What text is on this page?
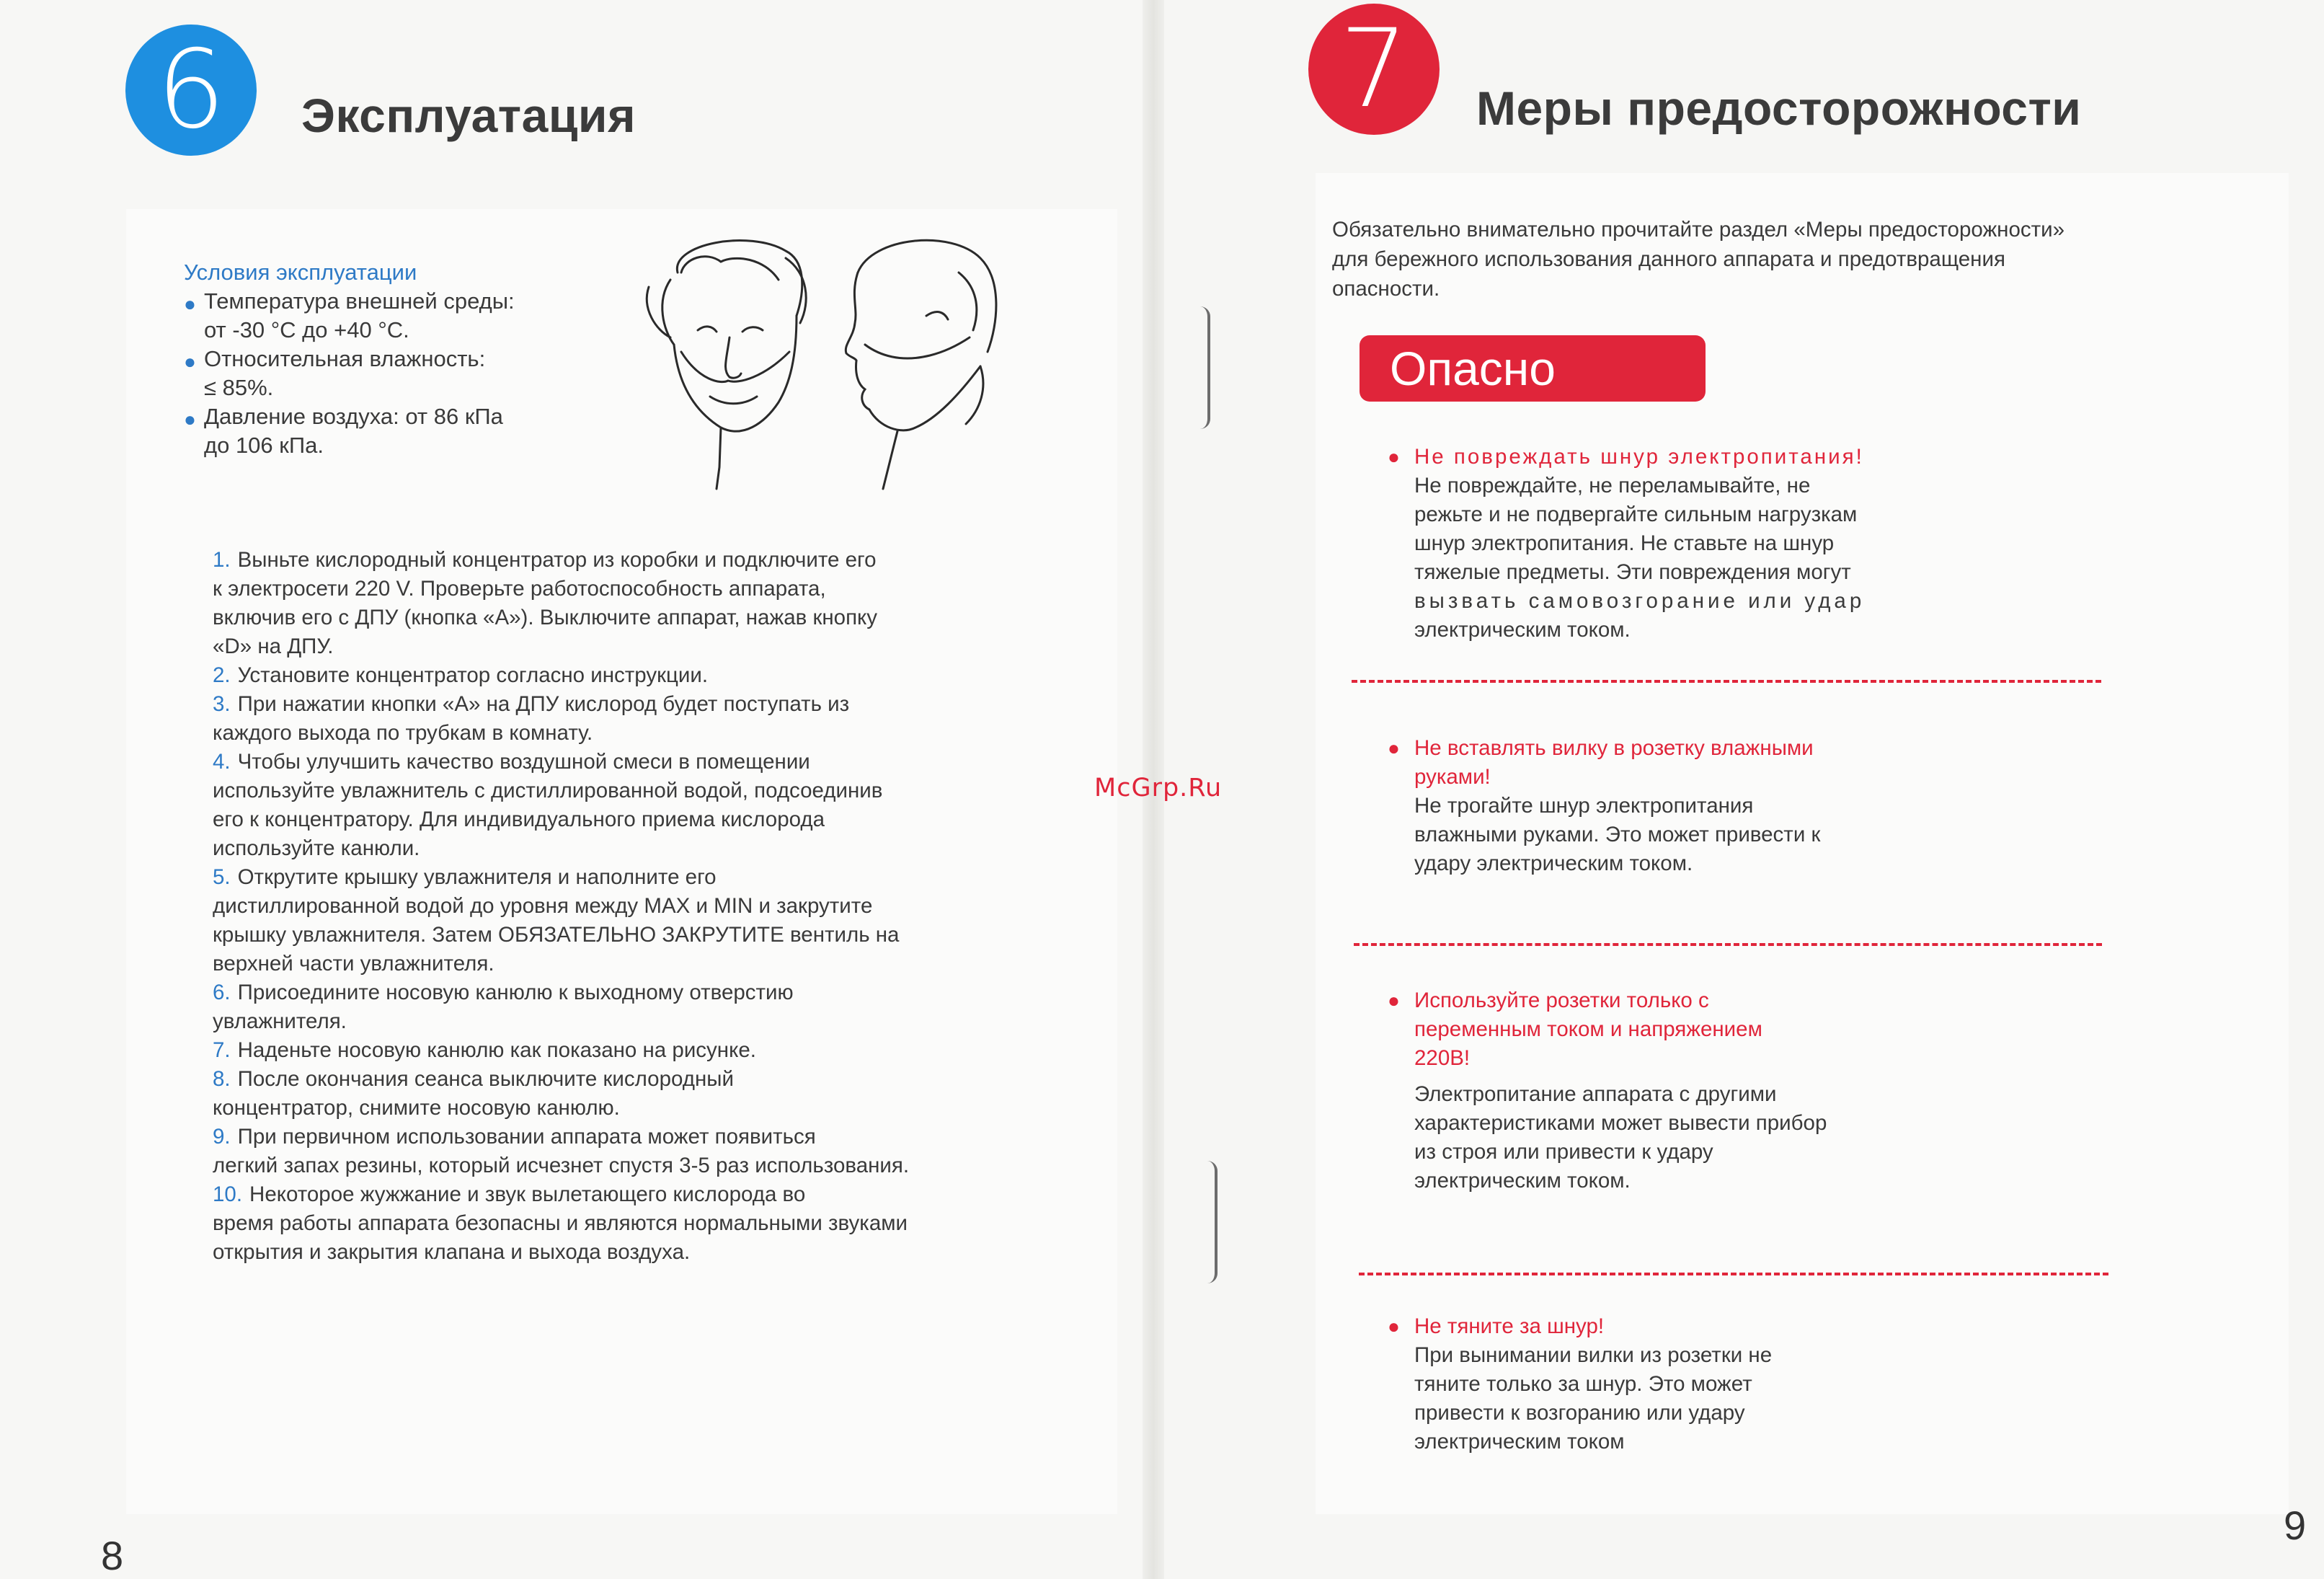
6 Эксплуатация
Условия эксплуатации
● Температура внешней среды:
от -30 °C до +40 °C.
● Относительная влажность:
≤ 85%.
● Давление воздуха: от 86 кПа
до 106 кПа.
1. Выньте кислородный концентратор из коробки и подключите его
к электросети 220 V. Проверьте работоспособность аппарата,
включив его с ДПУ (кнопка «А»). Выключите аппарат, нажав кнопку
«D» на ДПУ.
2. Установите концентратор согласно инструкции.
3. При нажатии кнопки «А» на ДПУ кислород будет поступать из
каждого выхода по трубкам в комнату.
4. Чтобы улучшить качество воздушной смеси в помещении
используйте увлажнитель с дистиллированной водой, подсоединив
его к концентратору. Для индивидуального приема кислорода
используйте канюли.
5. Открутите крышку увлажнителя и наполните его
дистиллированной водой до уровня между MAX и MIN и закрутите
крышку увлажнителя. Затем ОБЯЗАТЕЛЬНО ЗАКРУТИТЕ вентиль на
верхней части увлажнителя.
6. Присоедините носовую канюлю к выходному отверстию
увлажнителя.
7. Наденьте носовую канюлю как показано на рисунке.
8. После окончания сеанса выключите кислородный
концентратор, снимите носовую канюлю.
9. При первичном использовании аппарата может появиться
легкий запах резины, который исчезнет спустя 3-5 раз использования.
10. Некоторое жужжание и звук вылетающего кислорода во
время работы аппарата безопасны и являются нормальными звуками
открытия и закрытия клапана и выхода воздуха.
8
McGrp.Ru
7 Меры предосторожности
Обязательно внимательно прочитайте раздел «Меры предосторожности»
для бережного использования данного аппарата и предотвращения
опасности.
Опасно
● Не повреждать шнур электропитания!
Не повреждайте, не переламывайте, не
режьте и не подвергайте сильным нагрузкам
шнур электропитания. Не ставьте на шнур
тяжелые предметы. Эти повреждения могут
вызвать самовозгорание или удар
электрическим током.
● Не вставлять вилку в розетку влажными
руками!
Не трогайте шнур электропитания
влажными руками. Это может привести к
удару электрическим током.
● Используйте розетки только с
переменным током и напряжением
220В!
Электропитание аппарата с другими
характеристиками может вывести прибор
из строя или привести к удару
электрическим током.
● Не тяните за шнур!
При вынимании вилки из розетки не
тяните только за шнур. Это может
привести к возгоранию или удару
электрическим током
9
